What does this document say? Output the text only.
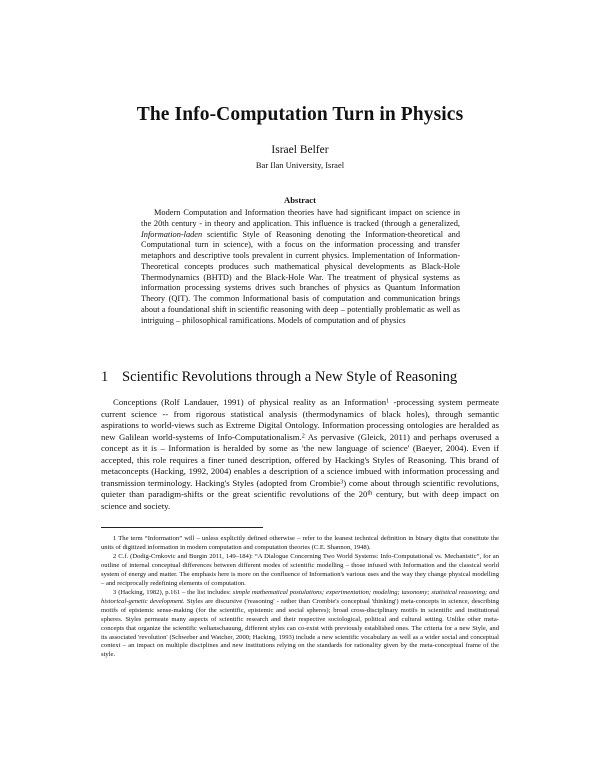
The Info-Computation Turn in Physics
Israel Belfer
Bar Ilan University, Israel
Abstract

Modern Computation and Information theories have had significant impact on science in the 20th century - in theory and application. This influence is tracked (through a generalized, Information-laden scientific Style of Reasoning denoting the Information-theoretical and Computational turn in science), with a focus on the information processing and transfer metaphors and descriptive tools prevalent in current physics. Implementation of Information-Theoretical concepts produces such mathematical physical developments as Black-Hole Thermodynamics (BHTD) and the Black-Hole War. The treatment of physical systems as information processing systems drives such branches of physics as Quantum Information Theory (QIT). The common Informational basis of computation and communication brings about a foundational shift in scientific reasoning with deep – potentially problematic as well as intriguing – philosophical ramifications. Models of computation and of physics

1 Scientific Revolutions through a New Style of Reasoning

Conceptions (Rolf Landauer, 1991) of physical reality as an Information$^1$ -processing system permeate current science -- from rigorous statistical analysis (thermodynamics of black holes), through semantic aspirations to world-views such as Extreme Digital Ontology. Information processing ontologies are heralded as new Galilean world-systems of Info-Computationalism.$^2$ As pervasive (Gleick, 2011) and perhaps overused a concept as it is – Information is heralded by some as 'the new language of science' (Baeyer, 2004). Even if accepted, this role requires a finer tuned description, offered by Hacking's Styles of Reasoning. This brand of metaconcepts (Hacking, 1992, 2004) enables a description of a science imbued with information processing and transmission terminology. Hacking's Styles (adopted from Crombie$^3$) come about through scientific revolutions, quieter than paradigm-shifts or the great scientific revolutions of the 20th century, but with deep impact on science and society.

1 The term “Information” will – unless explicitly defined otherwise – refer to the leanest technical definition in binary digits that constitute the units of digitized information in modern computation and computation theories (C.E. Shannon, 1948).

2 C.f. (Dodig-Crnkovic and Burgin 2011, 149–184): “A Dialogue Concerning Two World Systems: Info-Computational vs. Mechanistic”, for an outline of internal conceptual differences between different modes of scientific modelling – those infused with Information and the classical world system of energy and matter. The emphasis here is more on the confluence of Information's various uses and the way they change physical modelling – and reciprocally redefining elements of computation.

3 (Hacking, 1982), p.161 – the list includes: simple mathematical postulations; experimentation; modeling; taxonomy; statistical reasoning; and historical-genetic development. Styles are discursive ('reasoning' - rather than Crombie's conceptual 'thinking') meta-concepts in science, describing motifs of epistemic sense-making (for the scientific, epistemic and social spheres); broad cross-disciplinary motifs in scientific and institutional spheres. Styles permeate many aspects of scientific research and their respective sociological, political and cultural setting. Unlike other meta-concepts that organize the scientific weltanschauung, different styles can co-exist with previously established ones. The criteria for a new Style, and its associated 'revolution' (Schweber and Watcher, 2000; Hacking, 1993) include a new scientific vocabulary as well as a wider social and conceptual context – an impact on multiple disciplines and new institutions relying on the standards for rationality given by the meta-conceptual frame of the style.
